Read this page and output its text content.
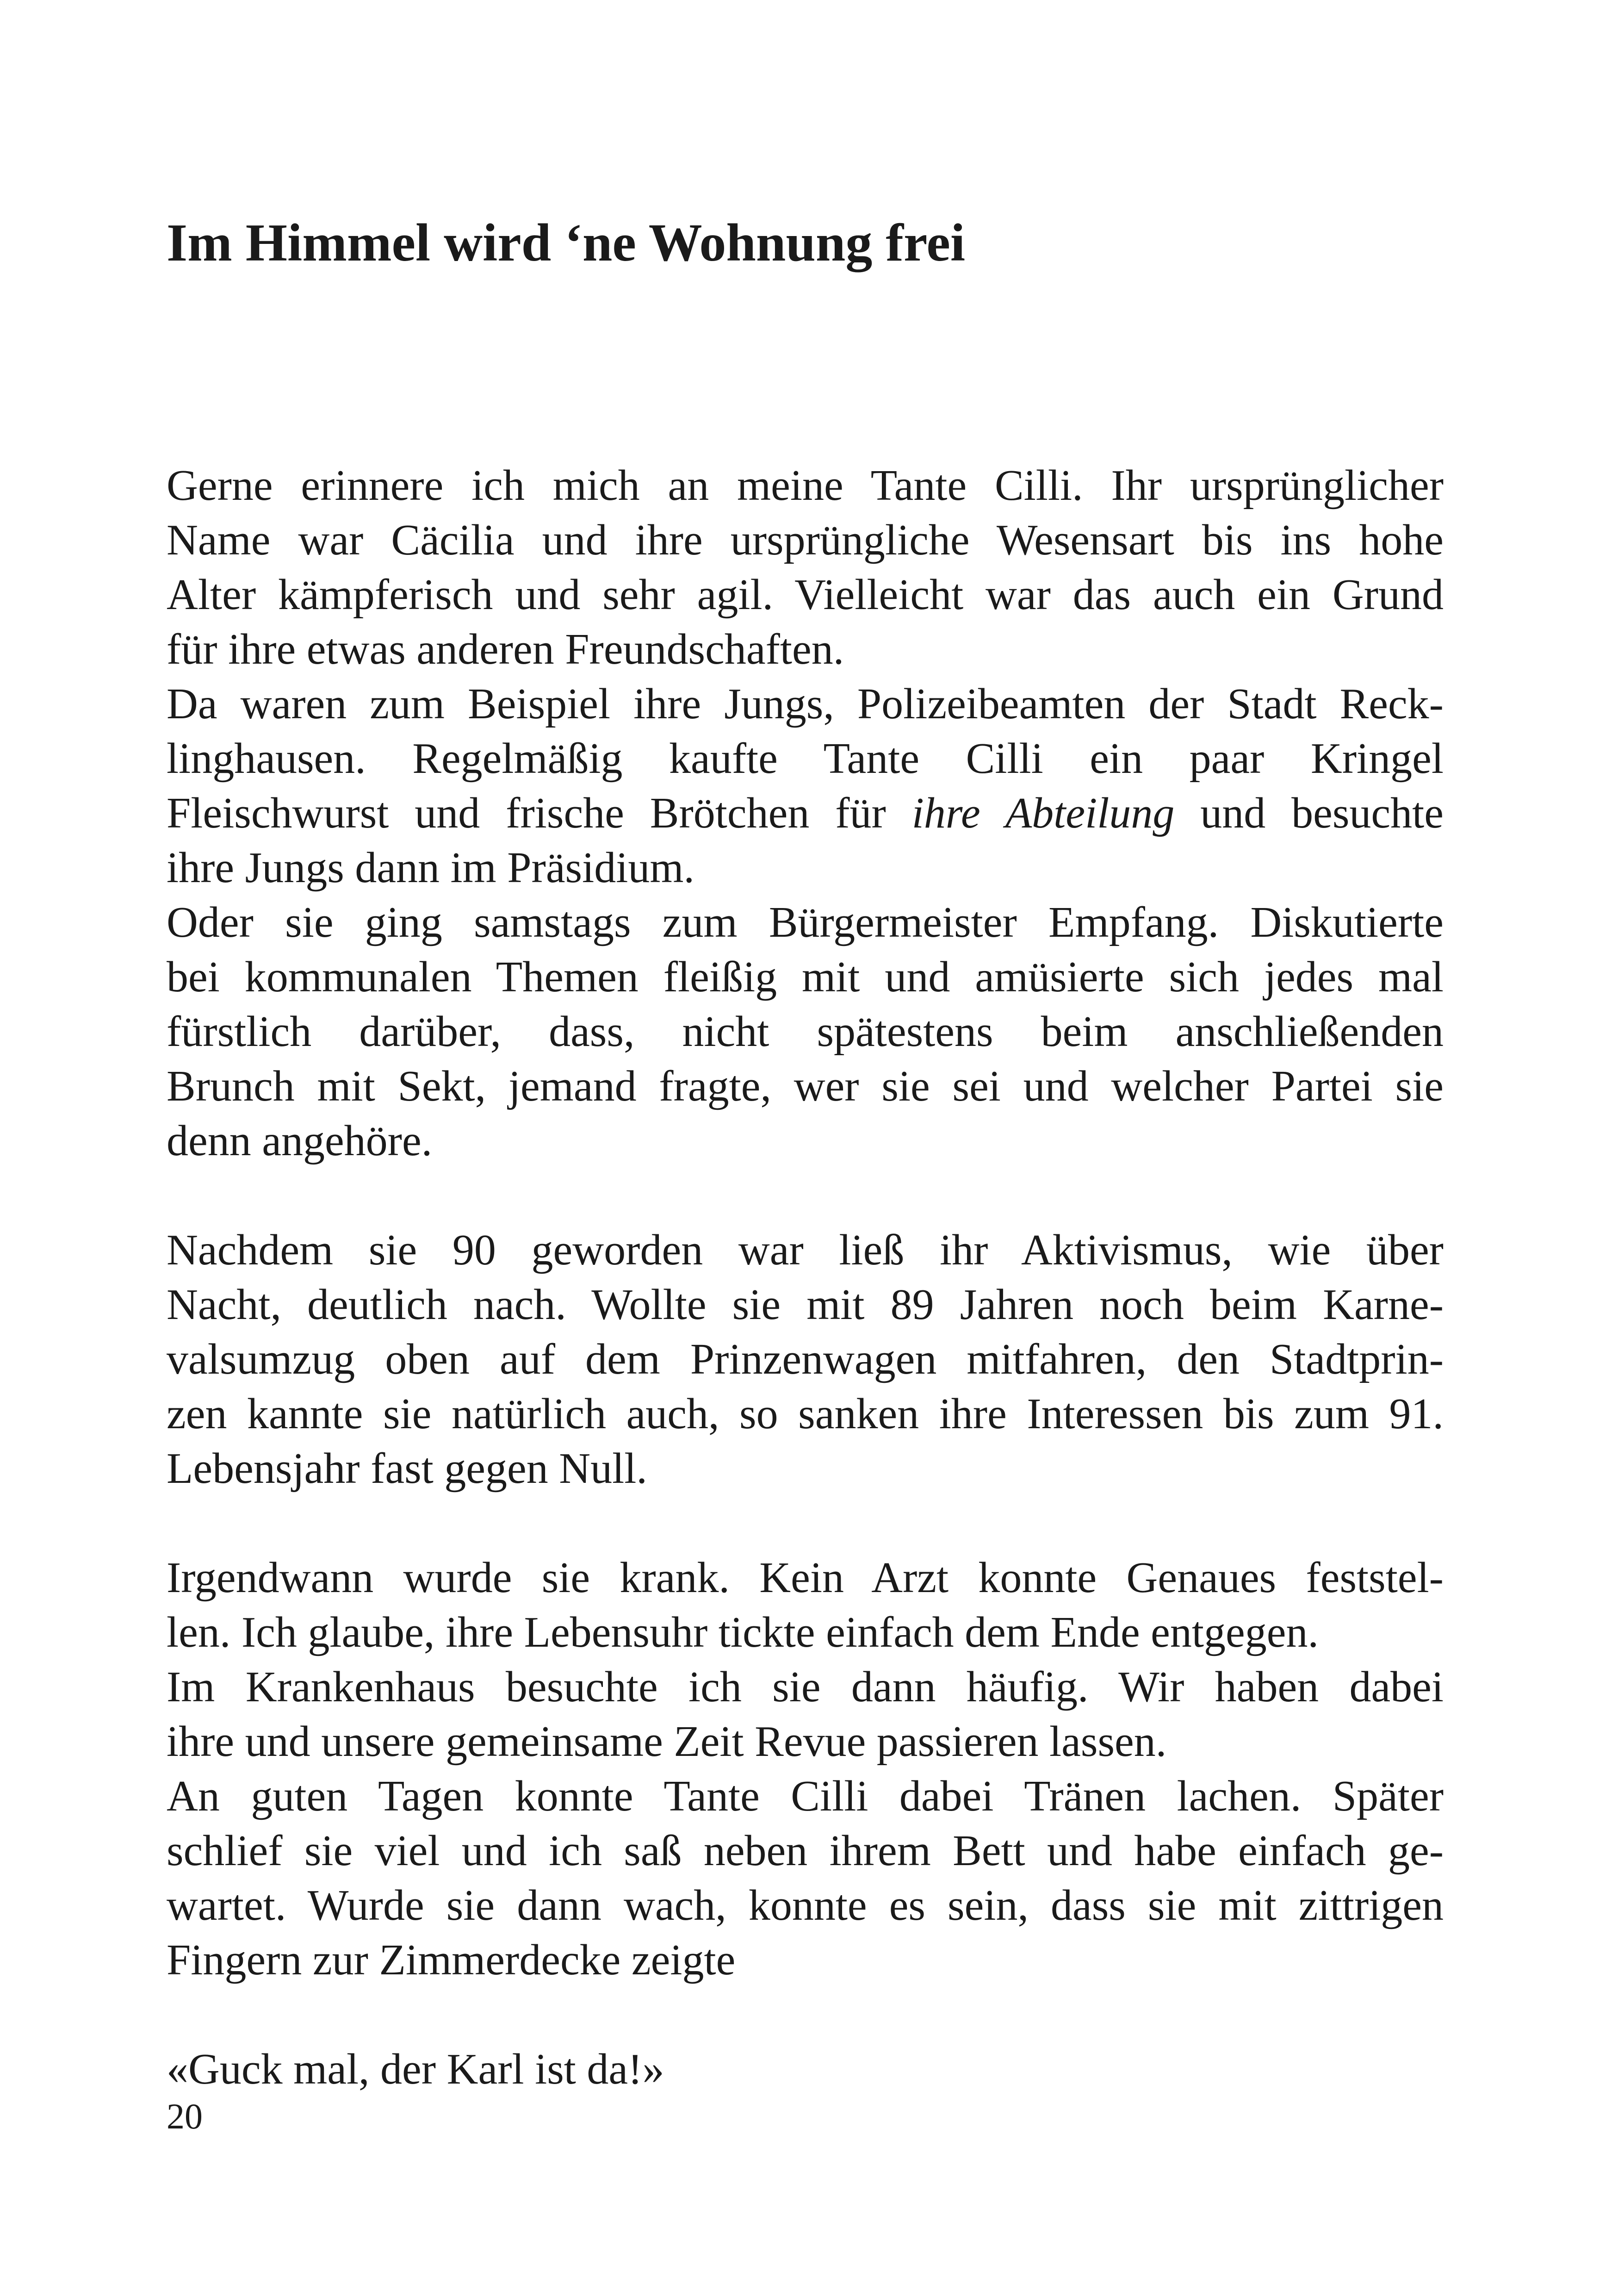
Im Himmel wird ‘ne Wohnung frei
Gerne erinnere ich mich an meine Tante Cilli. Ihr ursprünglicher
Name war Cäcilia und ihre ursprüngliche Wesensart bis ins hohe
Alter kämpferisch und sehr agil. Vielleicht war das auch ein Grund
für ihre etwas anderen Freundschaften.
Da waren zum Beispiel ihre Jungs, Polizeibeamten der Stadt Reck-
linghausen. Regelmäßig kaufte Tante Cilli ein paar Kringel
Fleischwurst und frische Brötchen für ihre Abteilung und besuchte
ihre Jungs dann im Präsidium.
Oder sie ging samstags zum Bürgermeister Empfang. Diskutierte
bei kommunalen Themen fleißig mit und amüsierte sich jedes mal
fürstlich darüber, dass, nicht spätestens beim anschließenden
Brunch mit Sekt, jemand fragte, wer sie sei und welcher Partei sie
denn angehöre.
Nachdem sie 90 geworden war ließ ihr Aktivismus, wie über
Nacht, deutlich nach. Wollte sie mit 89 Jahren noch beim Karne-
valsumzug oben auf dem Prinzenwagen mitfahren, den Stadtprin-
zen kannte sie natürlich auch, so sanken ihre Interessen bis zum 91.
Lebensjahr fast gegen Null.
Irgendwann wurde sie krank. Kein Arzt konnte Genaues feststel-
len. Ich glaube, ihre Lebensuhr tickte einfach dem Ende entgegen.
Im Krankenhaus besuchte ich sie dann häufig. Wir haben dabei
ihre und unsere gemeinsame Zeit Revue passieren lassen.
An guten Tagen konnte Tante Cilli dabei Tränen lachen. Später
schlief sie viel und ich saß neben ihrem Bett und habe einfach ge-
wartet. Wurde sie dann wach, konnte es sein, dass sie mit zittrigen
Fingern zur Zimmerdecke zeigte
«Guck mal, der Karl ist da!»
20
